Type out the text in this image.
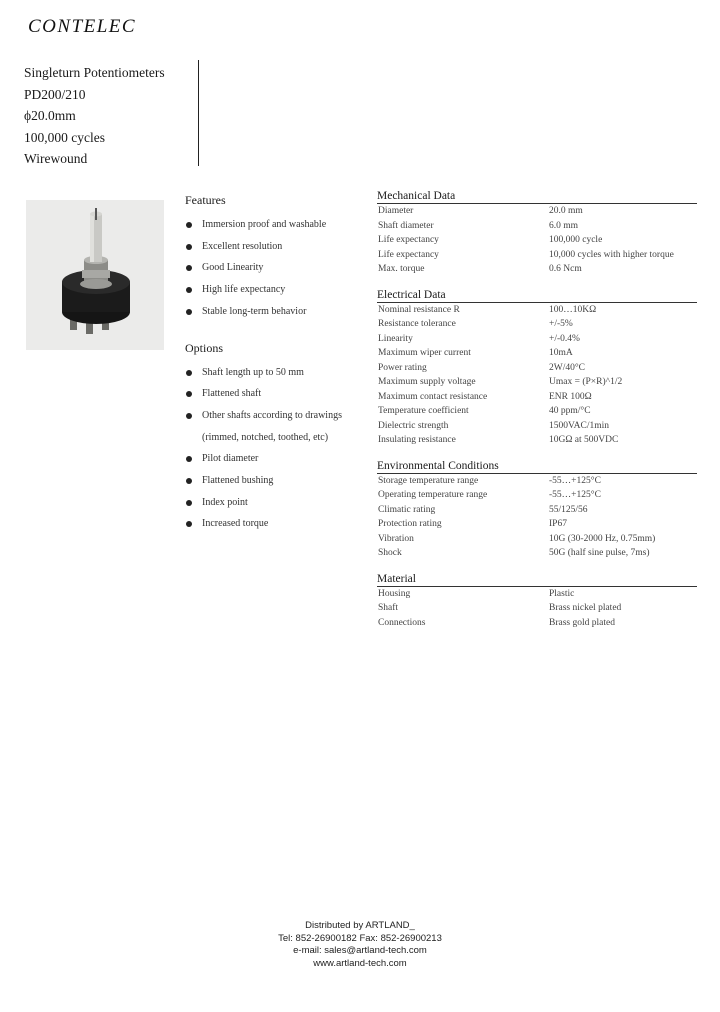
CONTELEC
Singleturn Potentiometers
PD200/210
ϕ20.0mm
100,000 cycles
Wirewound
Features
Immersion proof and washable
Excellent resolution
Good Linearity
High life expectancy
Stable long-term behavior
Options
Shaft length up to 50 mm
Flattened shaft
Other shafts according to drawings
(rimmed, notched, toothed, etc)
Pilot diameter
Flattened bushing
Index point
Increased torque
Mechanical Data
Diameter	20.0 mm
Shaft diameter	6.0 mm
Life expectancy	100,000 cycle
Life expectancy	10,000 cycles with higher torque
Max. torque	0.6 Ncm
Electrical Data
Nominal resistance R	100…10KΩ
Resistance tolerance	+/-5%
Linearity	+/-0.4%
Maximum wiper current	10mA
Power rating	2W/40°C
Maximum supply voltage	Umax = (P×R)^1/2
Maximum contact resistance	ENR 100Ω
Temperature coefficient	40 ppm/°C
Dielectric strength	1500VAC/1min
Insulating resistance	10GΩ at 500VDC
Environmental Conditions
Storage temperature range	-55…+125°C
Operating temperature range	-55…+125°C
Climatic rating	55/125/56
Protection rating	IP67
Vibration	10G (30-2000 Hz, 0.75mm)
Shock	50G (half sine pulse, 7ms)
Material
Housing	Plastic
Shaft	Brass nickel plated
Connections	Brass gold plated
Distributed by ARTLAND_
Tel: 852-26900182 Fax: 852-26900213
e-mail: sales@artland-tech.com
www.artland-tech.com
